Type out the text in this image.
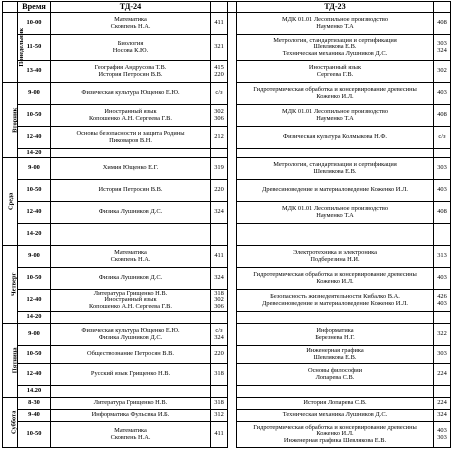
	Время	ТД-24			ТД-23	
Понедельник	10-00	Математика
Сковпень Н.А.	411		МДК 01.01 Лесопильное производство
Науменко Т.А	408
	11-50	Биология
Носова К.Ю.	321		Метрология, стандартизация и сертификация
Шевлякова Е.В.
Техническая механика Лушников Д.С.	303
324
	13-40	География Андрусова Т.В.
История Петросян В.В.	415
220		Иностранный язык
Сергеева Г.В.	302
Вторник	9-00	Физическая культура Ющенко Е.Ю.	с/з		Гидротермическая обработка и консервирование древесины
Коженко И.Л.	403
	10-50	Иностранный язык
Копошенко А.Н. Сергеева Г.В.	302
306		МДК 01.01 Лесопильное производство
Науменко Т.А	408
	12-40	Основы безопасности и защита Родины
Пиковаров В.Н.	212		Физическая культура Колмыкова Н.Ф.	с/з
	14-20					
Среда	9-00	Химия Ющенко Е.Г.	319		Метрология, стандартизация и сертификация
Шевлякова Е.В.	303
	10-50	История Петросян В.В.	220		Древесиноведение и материаловедение Коженко И.Л.	403
	12-40	Физика Лушников Д.С.	324		МДК 01.01 Лесопильное производство
Науменко Т.А	408
	14-20					
Четверг	9-00	Математика
Сковпень Н.А.	411		Электротехника и электроника
Подберезина Н.И.	313
	10-50	Физика Лушников Д.С.	324		Гидротермическая обработка и консервирование древесины
Коженко И.Л.	403
	12-40	Литература Грищенко Н.В.
Иностранный язык
Копошенко А.Н. Сергеева Г.В.	318
302
306		Безопасность жизнедеятельности Кибалко В.А.
Древесиноведение и материаловедение Коженко И.Л.	426
403
	14-20					
Пятница	9-00	Физическая культура Ющенко Е.Ю.
Физика Лушников Д.С.	с/з
324		Информатика
Березнева Н.Г.	322
	10-50	Обществознание Петросян В.В.	220		Инженерная графика
Шевлякова Е.В.	303
	12-40	Русский язык Грищенко Н.В.	318		Основы философии
Лопарева С.В.	224
	14.20					
Суббота	8-30	Литература Грищенко Н.В.	318		История Лопарева С.В.	224
	9-40	Информатика Фульсвка И.Б.	312		Техническая механика Лушников Д.С.	324
	10-50	Математика
Сковпень Н.А.	411		Гидротермическая обработка и консервирование древесины
Коженко И.Л.
Инженерная графика Шевлякова Е.В.	403
303
